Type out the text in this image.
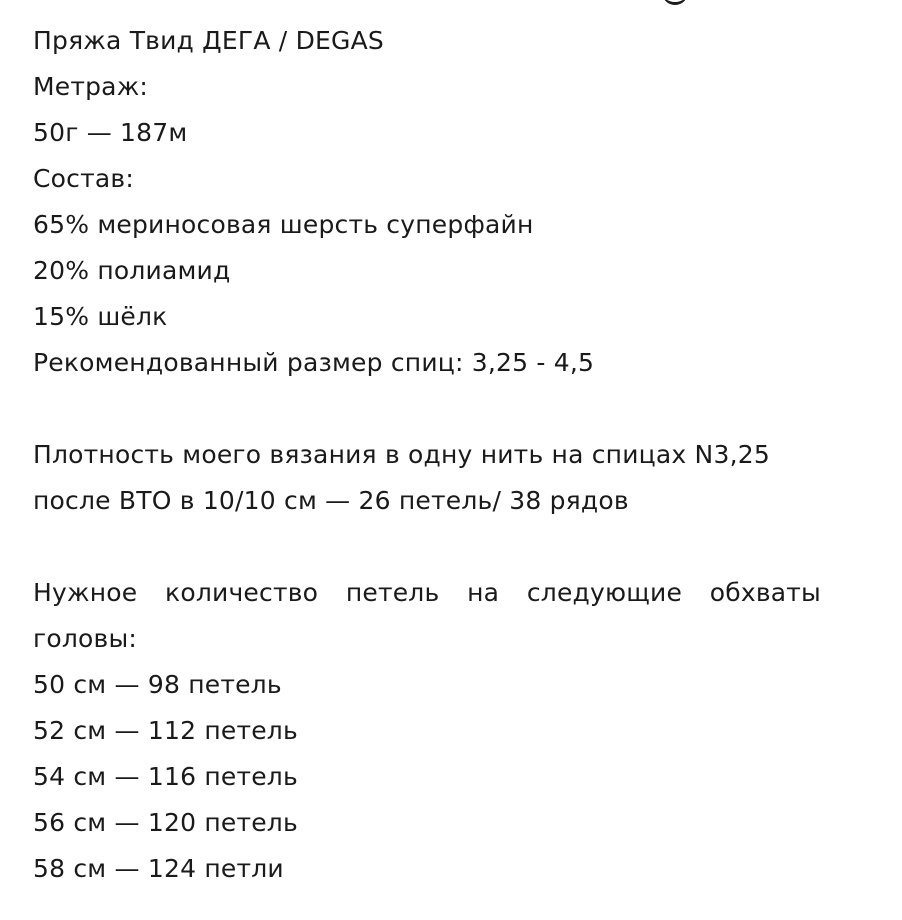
Пряжа Твид ДЕГА / DEGAS
Метраж:
50г — 187м
Состав:
65% мериносовая шерсть суперфайн
20% полиамид
15% шёлк
Рекомендованный размер спиц: 3,25 - 4,5
Плотность моего вязания в одну нить на спицах N3,25
после ВТО в 10/10 см — 26 петель/ 38 рядов
Нужное количество петель на следующие обхваты
головы:
50 см — 98 петель
52 см — 112 петель
54 см — 116 петель
56 см — 120 петель
58 см — 124 петли
